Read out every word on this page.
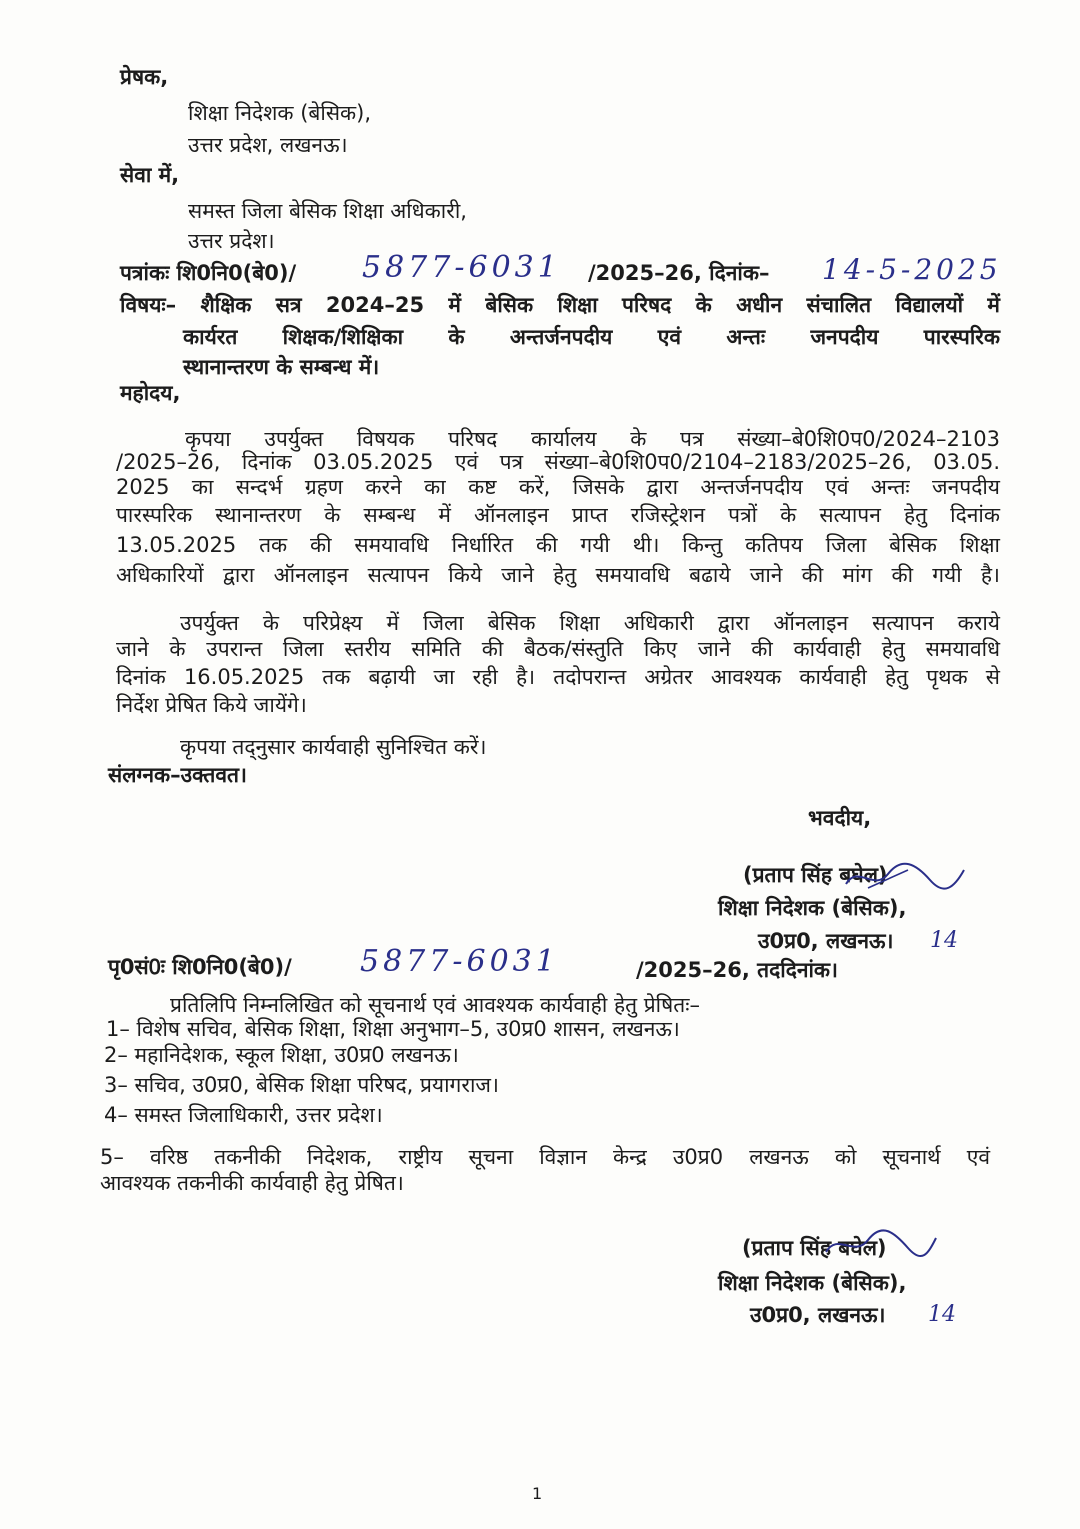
प्रेषक,
शिक्षा निदेशक (बेसिक),
उत्तर प्रदेश, लखनऊ।
सेवा में,
समस्त जिला बेसिक शिक्षा अधिकारी,
उत्तर प्रदेश।
पत्रांकः शि0नि0(बे0)/ 5877-6031 /2025–26, दिनांक– 14-5-2025
विषयः– शैक्षिक सत्र 2024–25 में बेसिक शिक्षा परिषद के अधीन संचालित विद्यालयों में
कार्यरत शिक्षक/शिक्षिका के अन्तर्जनपदीय एवं अन्तः जनपदीय पारस्परिक
स्थानान्तरण के सम्बन्ध में।
महोदय,
कृपया उपर्युक्त विषयक परिषद कार्यालय के पत्र संख्या–बे0शि0प0/2024–2103
/2025–26, दिनांक 03.05.2025 एवं पत्र संख्या–बे0शि0प0/2104–2183/2025–26, 03.05.
2025 का सन्दर्भ ग्रहण करने का कष्ट करें, जिसके द्वारा अन्तर्जनपदीय एवं अन्तः जनपदीय
पारस्परिक स्थानान्तरण के सम्बन्ध में ऑनलाइन प्राप्त रजिस्ट्रेशन पत्रों के सत्यापन हेतु दिनांक
13.05.2025 तक की समयावधि निर्धारित की गयी थी। किन्तु कतिपय जिला बेसिक शिक्षा
अधिकारियों द्वारा ऑनलाइन सत्यापन किये जाने हेतु समयावधि बढाये जाने की मांग की गयी है।
उपर्युक्त के परिप्रेक्ष्य में जिला बेसिक शिक्षा अधिकारी द्वारा ऑनलाइन सत्यापन कराये
जाने के उपरान्त जिला स्तरीय समिति की बैठक/संस्तुति किए जाने की कार्यवाही हेतु समयावधि
दिनांक 16.05.2025 तक बढ़ायी जा रही है। तदोपरान्त अग्रेतर आवश्यक कार्यवाही हेतु पृथक से
निर्देश प्रेषित किये जायेंगे।
कृपया तद्नुसार कार्यवाही सुनिश्चित करें।
संलग्नक–उक्तवत।
भवदीय,
(प्रताप सिंह बघेल)
शिक्षा निदेशक (बेसिक),
उ0प्र0, लखनऊ। 14
पृ0सं0ः शि0नि0(बे0)/ 5877-6031	/2025–26, तददिनांक।
प्रतिलिपि निम्नलिखित को सूचनार्थ एवं आवश्यक कार्यवाही हेतु प्रेषितः–
1– विशेष सचिव, बेसिक शिक्षा, शिक्षा अनुभाग–5, उ0प्र0 शासन, लखनऊ।
2– महानिदेशक, स्कूल शिक्षा, उ0प्र0 लखनऊ।
3– सचिव, उ0प्र0, बेसिक शिक्षा परिषद, प्रयागराज।
4– समस्त जिलाधिकारी, उत्तर प्रदेश।
5– वरिष्ठ तकनीकी निदेशक, राष्ट्रीय सूचना विज्ञान केन्द्र उ0प्र0 लखनऊ को सूचनार्थ एवं
आवश्यक तकनीकी कार्यवाही हेतु प्रेषित।
(प्रताप सिंह बघेल)
शिक्षा निदेशक (बेसिक),
उ0प्र0, लखनऊ। 14
1
